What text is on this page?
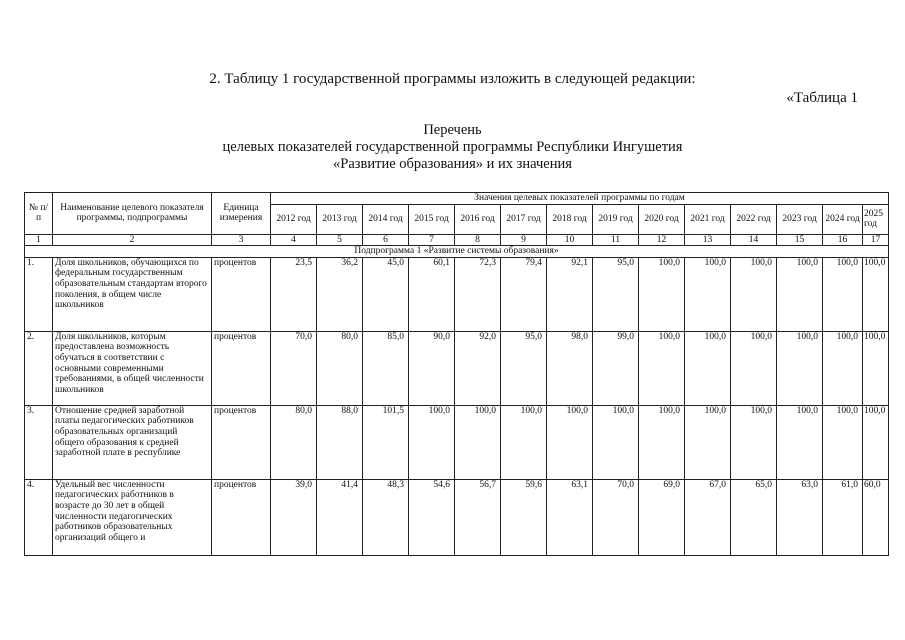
2. Таблицу 1 государственной программы изложить в следующей редакции:
«Таблица 1
Перечень
целевых показателей государственной программы Республики Ингушетия
«Развитие образования» и их значения
№ п/п	Наименование целевого показателя программы, подпрограммы	Единица измерения	Значения целевых показателей программы по годам													
			2012 год	2013 год	2014 год	2015 год	2016 год	2017 год	2018 год	2019 год	2020 год	2021 год	2022 год	2023 год	2024 год	2025 год
1	2	3	4	5	6	7	8	9	10	11	12	13	14	15	16	17
Подпрограмма 1 «Развитие системы образования»																
1.	Доля школьников, обучающихся по федеральным государственным образовательным стандартам второго поколения, в общем числе школьников	процентов	23,5	36,2	45,0	60,1	72,3	79,4	92,1	95,0	100,0	100,0	100,0	100,0	100,0	100,0
2.	Доля школьников, которым предоставлена возможность обучаться в соответствии с основными современными требованиями, в общей численности школьников	процентов	70,0	80,0	85,0	90,0	92,0	95,0	98,0	99,0	100,0	100,0	100,0	100,0	100,0	100,0
3.	Отношение средней заработной платы педагогических работников образовательных организаций общего образования к средней заработной плате в республике	процентов	80,0	88,0	101,5	100,0	100,0	100,0	100,0	100,0	100,0	100,0	100,0	100,0	100,0	100,0
4.	Удельный вес численности педагогических работников в возрасте до 30 лет в общей численности педагогических работников образовательных организаций общего и	процентов	39,0	41,4	48,3	54,6	56,7	59,6	63,1	70,0	69,0	67,0	65,0	63,0	61,0	60,0
